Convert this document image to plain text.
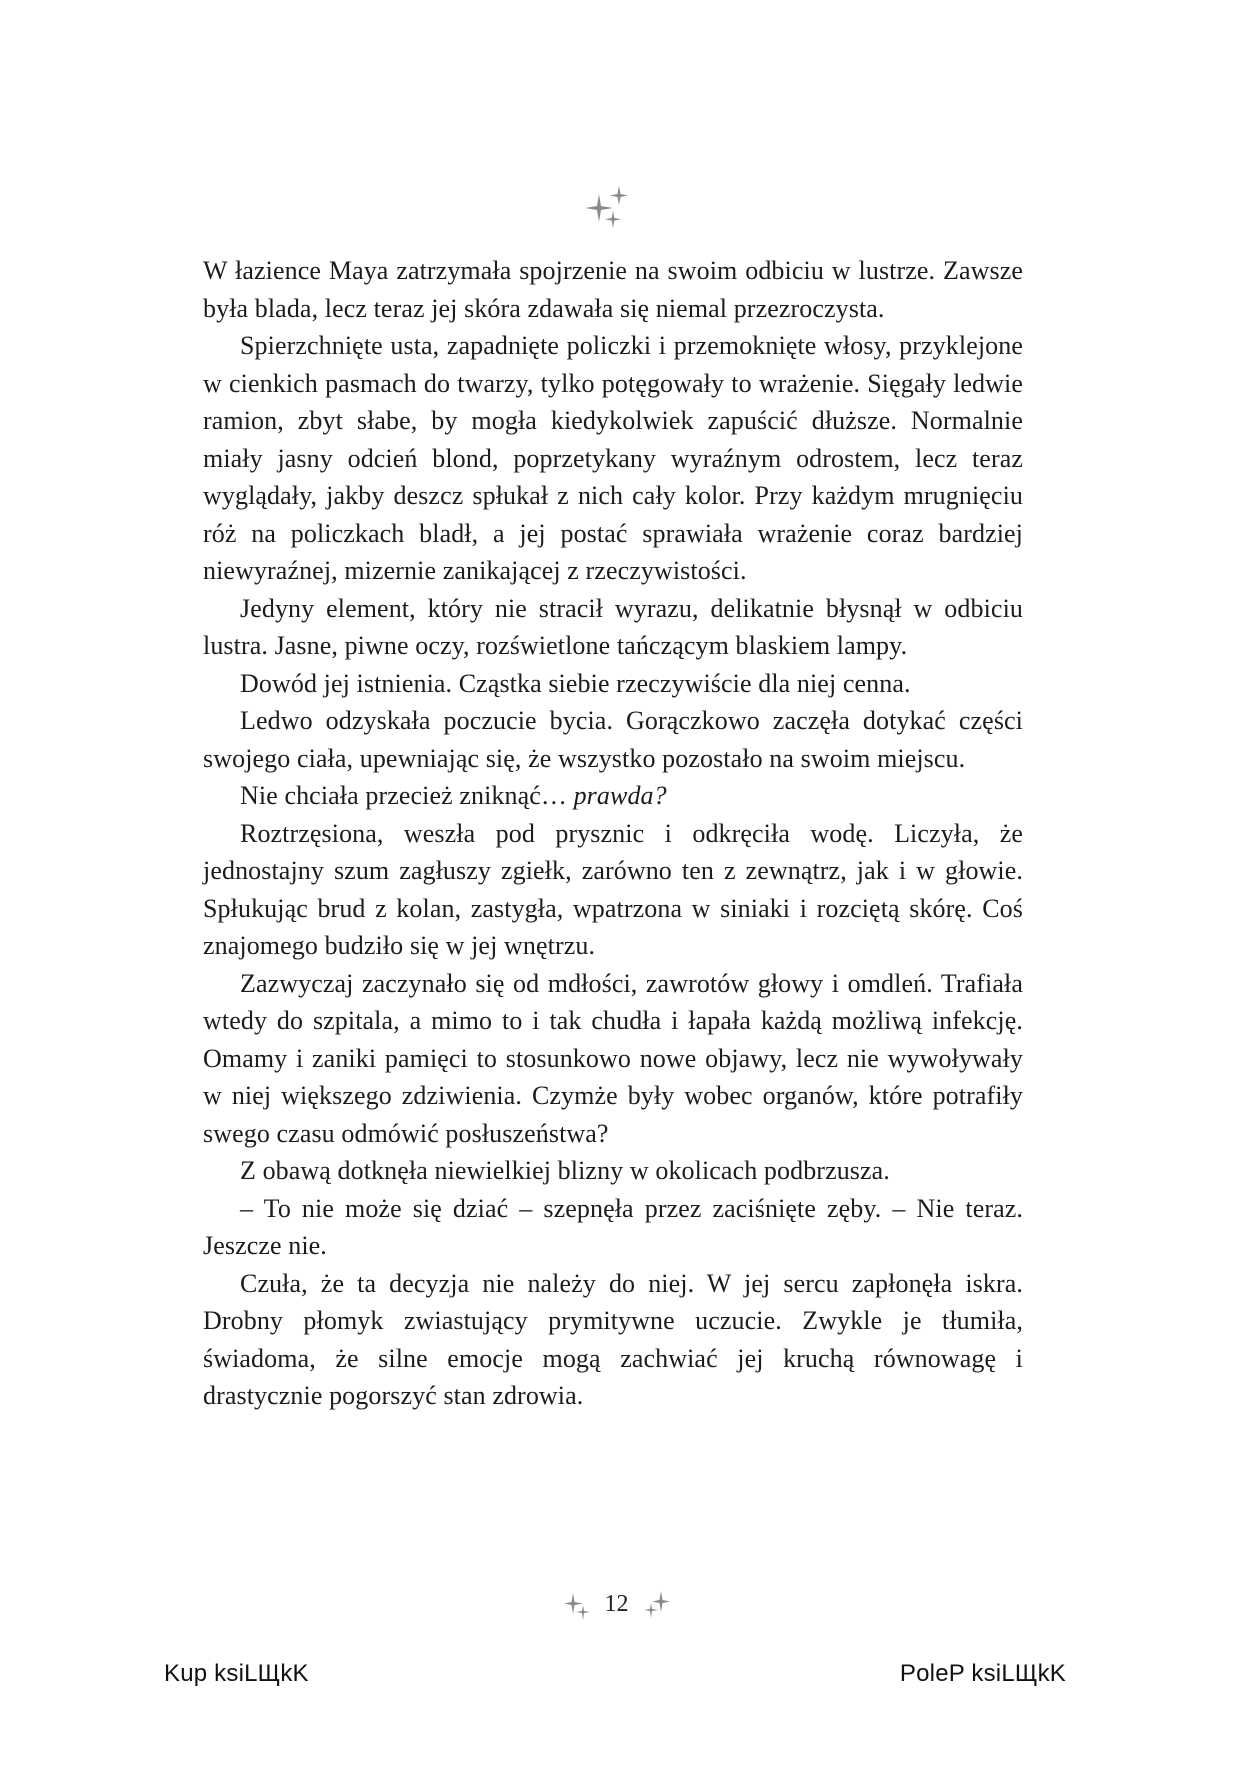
W łazience Maya zatrzymała spojrzenie na swoim odbiciu w lustrze. Zawsze była blada, lecz teraz jej skóra zdawała się niemal przezroczysta.

Spierzchnięte usta, zapadnięte policzki i przemoknięte włosy, przyklejone w cienkich pasmach do twarzy, tylko potęgowały to wrażenie. Sięgały ledwie ramion, zbyt słabe, by mogła kiedykolwiek zapuścić dłuższe. Normalnie miały jasny odcień blond, poprzetykany wyraźnym odrostem, lecz teraz wyglądały, jakby deszcz spłukał z nich cały kolor. Przy każdym mrugnięciu róż na policzkach bladł, a jej postać sprawiała wrażenie coraz bardziej niewyraźnej, mizernie zanikającej z rzeczywistości.

Jedyny element, który nie stracił wyrazu, delikatnie błysnął w odbiciu lustra. Jasne, piwne oczy, rozświetlone tańczącym blaskiem lampy.

Dowód jej istnienia. Cząstka siebie rzeczywiście dla niej cenna.

Ledwo odzyskała poczucie bycia. Gorączkowo zaczęła dotykać części swojego ciała, upewniając się, że wszystko pozostało na swoim miejscu.

Nie chciała przecież zniknąć… prawda?

Roztrzęsiona, weszła pod prysznic i odkręciła wodę. Liczyła, że jednostajny szum zagłuszy zgiełk, zarówno ten z zewnątrz, jak i w głowie. Spłukując brud z kolan, zastygła, wpatrzona w siniaki i rozciętą skórę. Coś znajomego budziło się w jej wnętrzu.

Zazwyczaj zaczynało się od mdłości, zawrotów głowy i omdleń. Trafiała wtedy do szpitala, a mimo to i tak chudła i łapała każdą możliwą infekcję. Omamy i zaniki pamięci to stosunkowo nowe objawy, lecz nie wywoływały w niej większego zdziwienia. Czymże były wobec organów, które potrafiły swego czasu odmówić posłuszeństwa?

Z obawą dotknęła niewielkiej blizny w okolicach podbrzusza.

– To nie może się dziać – szepnęła przez zaciśnięte zęby. – Nie teraz. Jeszcze nie.

Czuła, że ta decyzja nie należy do niej. W jej sercu zapłonęła iskra. Drobny płomyk zwiastujący prymitywne uczucie. Zwykle je tłumiła, świadoma, że silne emocje mogą zachwiać jej kruchą równowagę i drastycznie pogorszyć stan zdrowia.

12
Kup ksiLЩkK	PoleP ksiLЩkK
